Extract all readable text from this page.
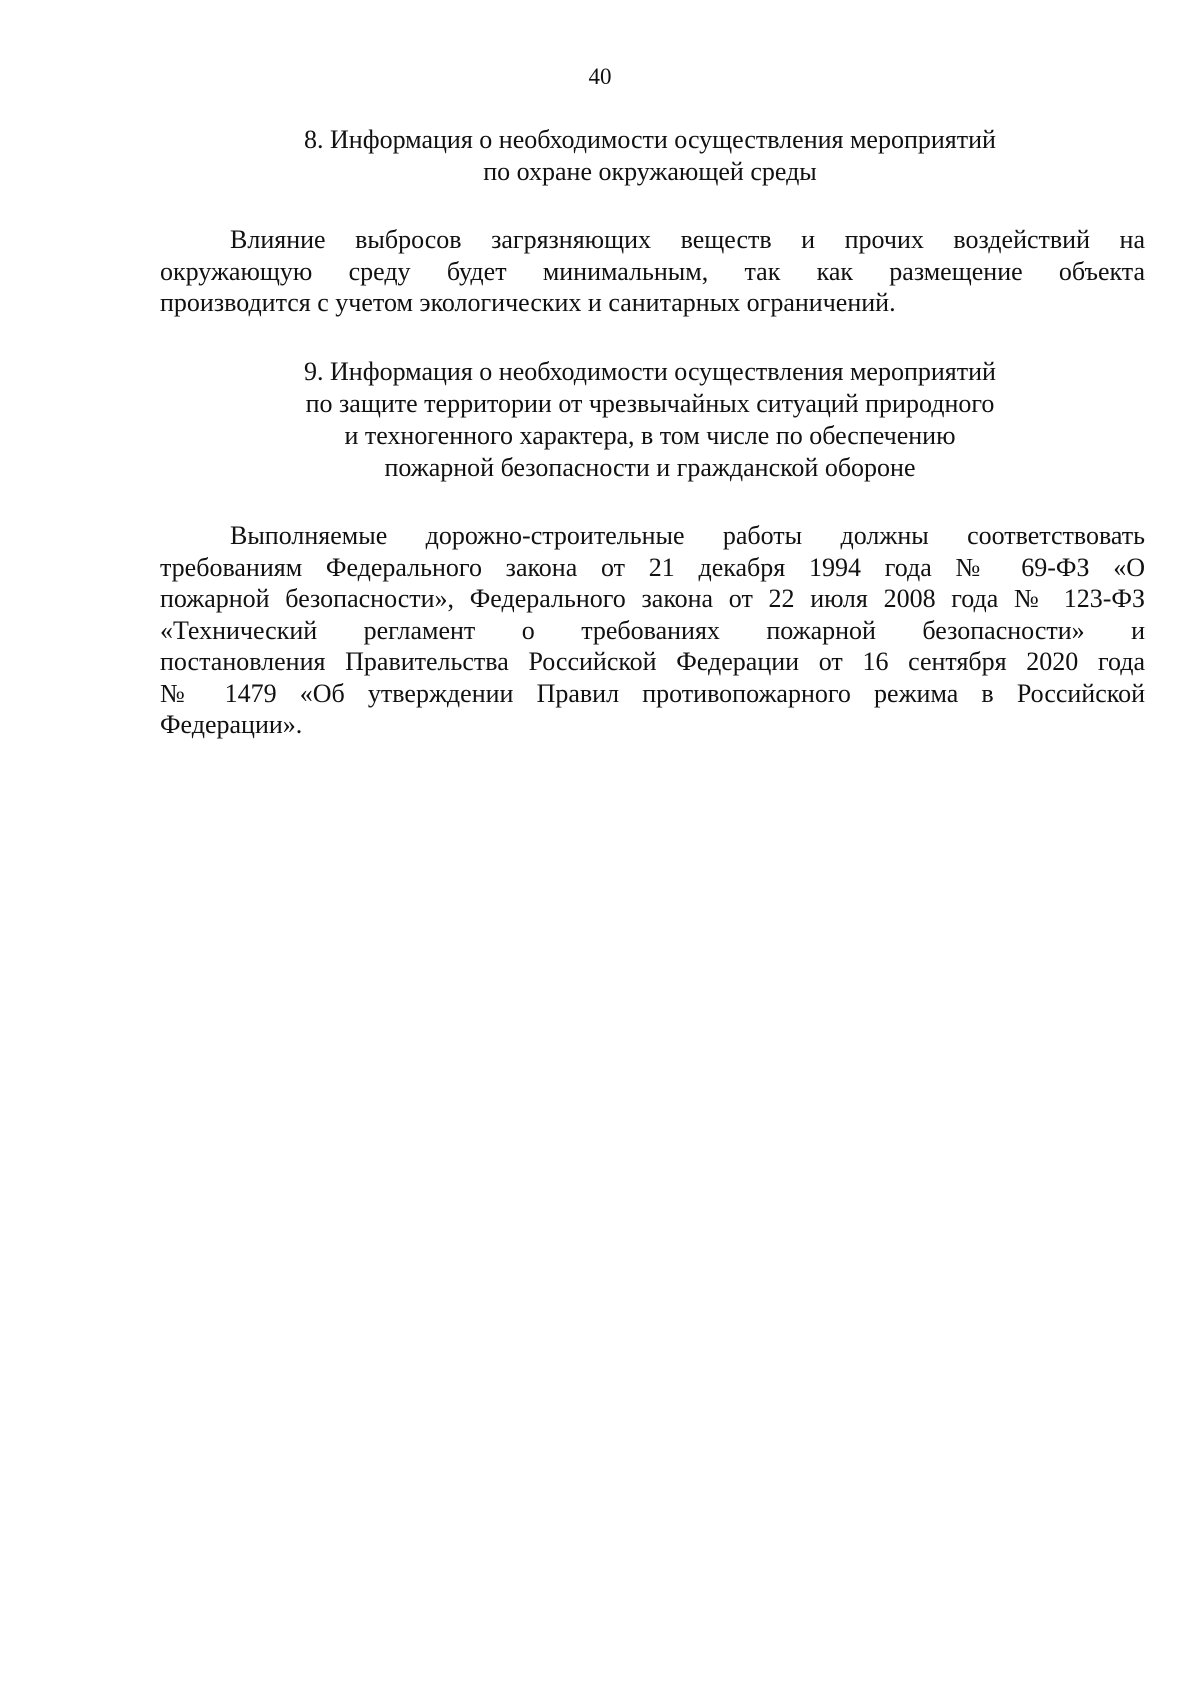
40
8. Информация о необходимости осуществления мероприятий
по охране окружающей среды
Влияние выбросов загрязняющих веществ и прочих воздействий на
окружающую среду будет минимальным, так как размещение объекта
производится с учетом экологических и санитарных ограничений.
9. Информация о необходимости осуществления мероприятий
по защите территории от чрезвычайных ситуаций природного
и техногенного характера, в том числе по обеспечению
пожарной безопасности и гражданской обороне
Выполняемые дорожно-строительные работы должны соответствовать
требованиям Федерального закона от 21 декабря 1994 года № 69-ФЗ «О
пожарной безопасности», Федерального закона от 22 июля 2008 года № 123-ФЗ
«Технический регламент о требованиях пожарной безопасности» и
постановления Правительства Российской Федерации от 16 сентября 2020 года
№ 1479 «Об утверждении Правил противопожарного режима в Российской
Федерации».
